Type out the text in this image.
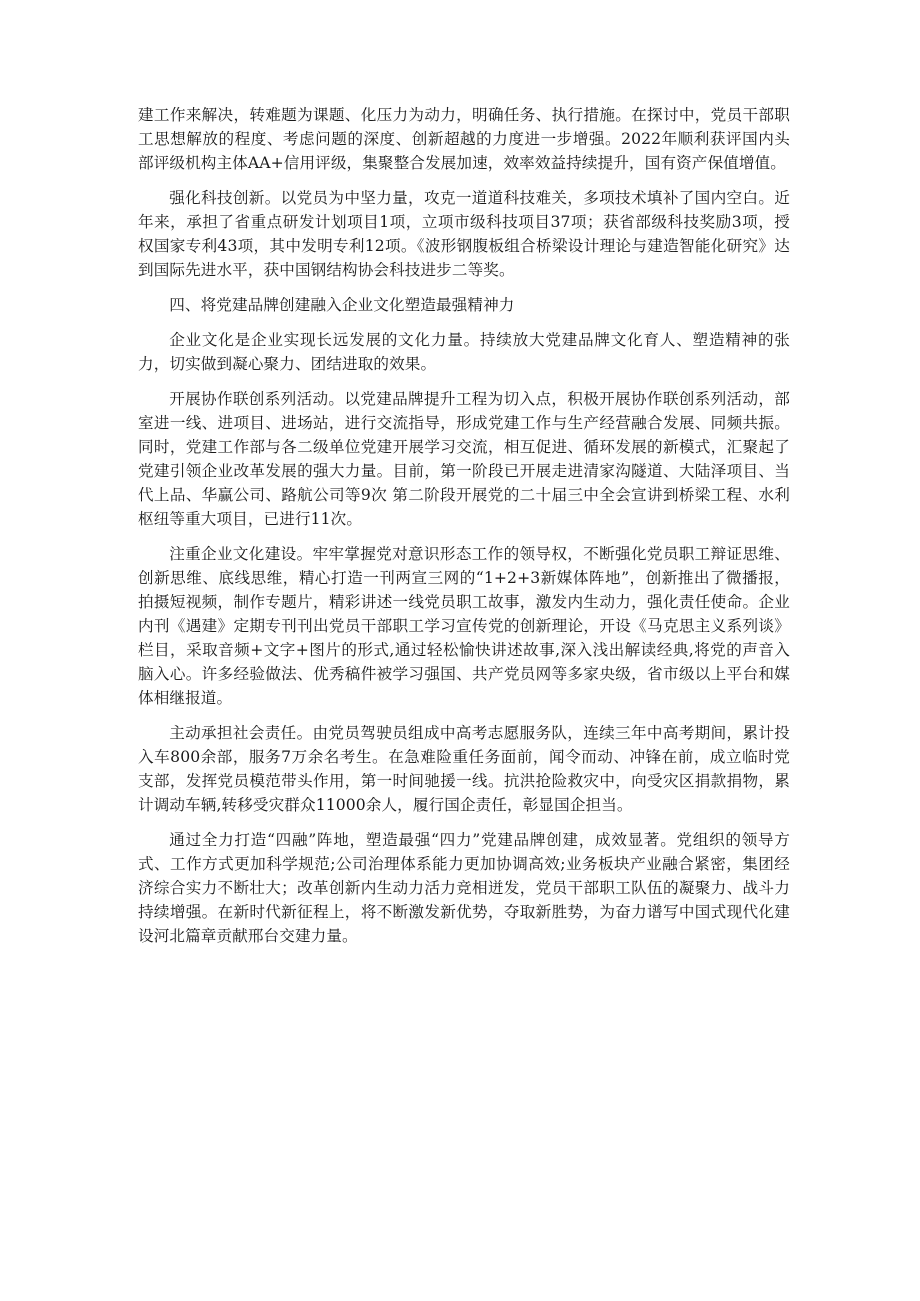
建工作来解决，转难题为课题、化压力为动力，明确任务、执行措施。在探讨中，党员干部职工思想解放的程度、考虑问题的深度、创新超越的力度进一步增强。2022年顺利获评国内头部评级机构主体AA+信用评级，集聚整合发展加速，效率效益持续提升，国有资产保值增值。

强化科技创新。以党员为中坚力量，攻克一道道科技难关，多项技术填补了国内空白。近年来，承担了省重点研发计划项目1项，立项市级科技项目37项；获省部级科技奖励3项，授权国家专利43项，其中发明专利12项。《波形钢腹板组合桥梁设计理论与建造智能化研究》达到国际先进水平，获中国钢结构协会科技进步二等奖。

四、将党建品牌创建融入企业文化塑造最强精神力

企业文化是企业实现长远发展的文化力量。持续放大党建品牌文化育人、塑造精神的张力，切实做到凝心聚力、团结进取的效果。

开展协作联创系列活动。以党建品牌提升工程为切入点，积极开展协作联创系列活动，部室进一线、进项目、进场站，进行交流指导，形成党建工作与生产经营融合发展、同频共振。同时，党建工作部与各二级单位党建开展学习交流，相互促进、循环发展的新模式，汇聚起了党建引领企业改革发展的强大力量。目前，第一阶段已开展走进清家沟隧道、大陆泽项目、当代上品、华赢公司、路航公司等9次 第二阶段开展党的二十届三中全会宣讲到桥梁工程、水利枢纽等重大项目，已进行11次。

注重企业文化建设。牢牢掌握党对意识形态工作的领导权，不断强化党员职工辩证思维、创新思维、底线思维，精心打造一刊两宣三网的“1+2+3新媒体阵地”，创新推出了微播报，拍摄短视频，制作专题片，精彩讲述一线党员职工故事，激发内生动力，强化责任使命。企业内刊《遇建》定期专刊刊出党员干部职工学习宣传党的创新理论，开设《马克思主义系列谈》栏目，采取音频+文字+图片的形式,通过轻松愉快讲述故事,深入浅出解读经典,将党的声音入脑入心。许多经验做法、优秀稿件被学习强国、共产党员网等多家央级，省市级以上平台和媒体相继报道。

主动承担社会责任。由党员驾驶员组成中高考志愿服务队，连续三年中高考期间，累计投入车800余部，服务7万余名考生。在急难险重任务面前，闻令而动、冲锋在前，成立临时党支部，发挥党员模范带头作用，第一时间驰援一线。抗洪抢险救灾中，向受灾区捐款捐物，累计调动车辆,转移受灾群众11000余人，履行国企责任，彰显国企担当。

通过全力打造“四融”阵地，塑造最强“四力”党建品牌创建，成效显著。党组织的领导方式、工作方式更加科学规范;公司治理体系能力更加协调高效;业务板块产业融合紧密，集团经济综合实力不断壮大；改革创新内生动力活力竞相迸发，党员干部职工队伍的凝聚力、战斗力持续增强。在新时代新征程上，将不断激发新优势，夺取新胜势，为奋力谱写中国式现代化建设河北篇章贡献邢台交建力量。
